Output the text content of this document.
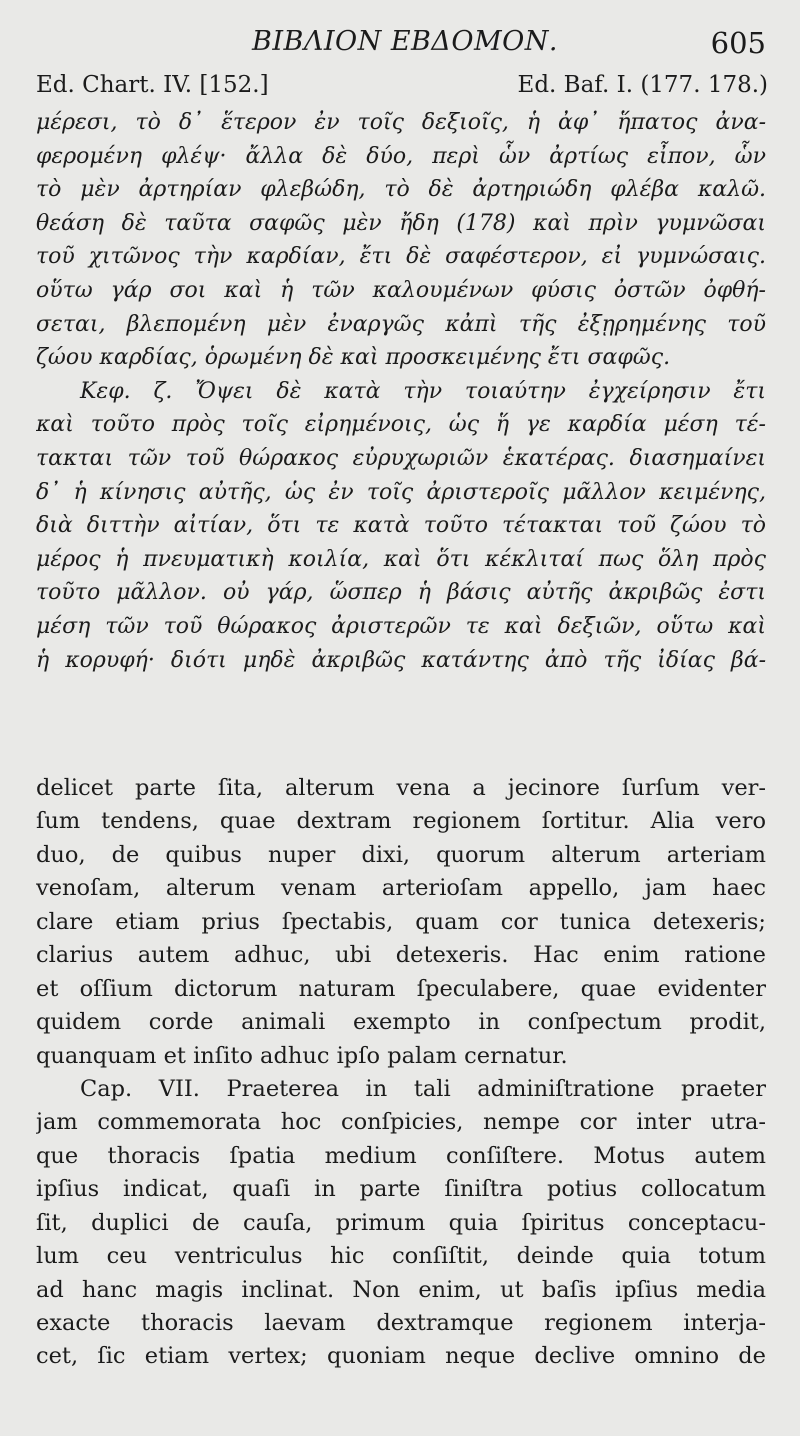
ΒΙΒΛΙΟΝ ΕΒΔΟΜΟΝ.	605
Ed. Chart. IV. [152.]	Ed. Baf. I. (177. 178.)
μέρεσι, τὸ δ᾽ ἕτερον ἐν τοῖς δεξιοῖς, ἡ ἀφ᾽ ἥπατος ἀνα-
φερομένη φλέψ· ἄλλα δὲ δύο, περὶ ὧν ἀρτίως εἶπον, ὧν
τὸ μὲν ἀρτηρίαν φλεβώδη, τὸ δὲ ἀρτηριώδη φλέβα καλῶ.
θεάση δὲ ταῦτα σαφῶς μὲν ἤδη (178) καὶ πρὶν γυμνῶσαι
τοῦ χιτῶνος τὴν καρδίαν, ἔτι δὲ σαφέστερον, εἰ γυμνώσαις.
οὕτω γάρ σοι καὶ ἡ τῶν καλουμένων φύσις ὀστῶν ὀφθή-
σεται, βλεπομένη μὲν ἐναργῶς κἀπὶ τῆς ἐξῃρημένης τοῦ
ζώου καρδίας, ὁρωμένη δὲ καὶ προσκειμένης ἔτι σαφῶς.
Κεφ. ζ. Ὄψει δὲ κατὰ τὴν τοιαύτην ἐγχείρησιν ἔτι
καὶ τοῦτο πρὸς τοῖς εἰρημένοις, ὡς ἥ γε καρδία μέση τέ-
τακται τῶν τοῦ θώρακος εὐρυχωριῶν ἑκατέρας. διασημαίνει
δ᾽ ἡ κίνησις αὐτῆς, ὡς ἐν τοῖς ἀριστεροῖς μᾶλλον κειμένης,
διὰ διττὴν αἰτίαν, ὅτι τε κατὰ τοῦτο τέτακται τοῦ ζώου τὸ
μέρος ἡ πνευματικὴ κοιλία, καὶ ὅτι κέκλιταί πως ὅλη πρὸς
τοῦτο μᾶλλον. οὐ γάρ, ὥσπερ ἡ βάσις αὐτῆς ἀκριβῶς ἐστι
μέση τῶν τοῦ θώρακος ἀριστερῶν τε καὶ δεξιῶν, οὕτω καὶ
ἡ κορυφή· διότι μηδὲ ἀκριβῶς κατάντης ἀπὸ τῆς ἰδίας βά-
delicet parte ſita, alterum vena a jecinore ſurſum ver-
ſum tendens, quae dextram regionem ſortitur. Alia vero
duo, de quibus nuper dixi, quorum alterum arteriam
venoſam, alterum venam arterioſam appello, jam haec
clare etiam prius ſpectabis, quam cor tunica detexeris;
clarius autem adhuc, ubi detexeris. Hac enim ratione
et oſſium dictorum naturam ſpeculabere, quae evidenter
quidem corde animali exempto in conſpectum prodit,
quanquam et inſito adhuc ipſo palam cernatur.
Cap. VII. Praeterea in tali adminiſtratione praeter
jam commemorata hoc conſpicies, nempe cor inter utra-
que thoracis ſpatia medium conſiſtere. Motus autem
ipſius indicat, quaſi in parte ſiniſtra potius collocatum
ſit, duplici de cauſa, primum quia ſpiritus conceptacu-
lum ceu ventriculus hic conſiſtit, deinde quia totum
ad hanc magis inclinat. Non enim, ut baſis ipſius media
exacte thoracis laevam dextramque regionem interja-
cet, ſic etiam vertex; quoniam neque declive omnino de
